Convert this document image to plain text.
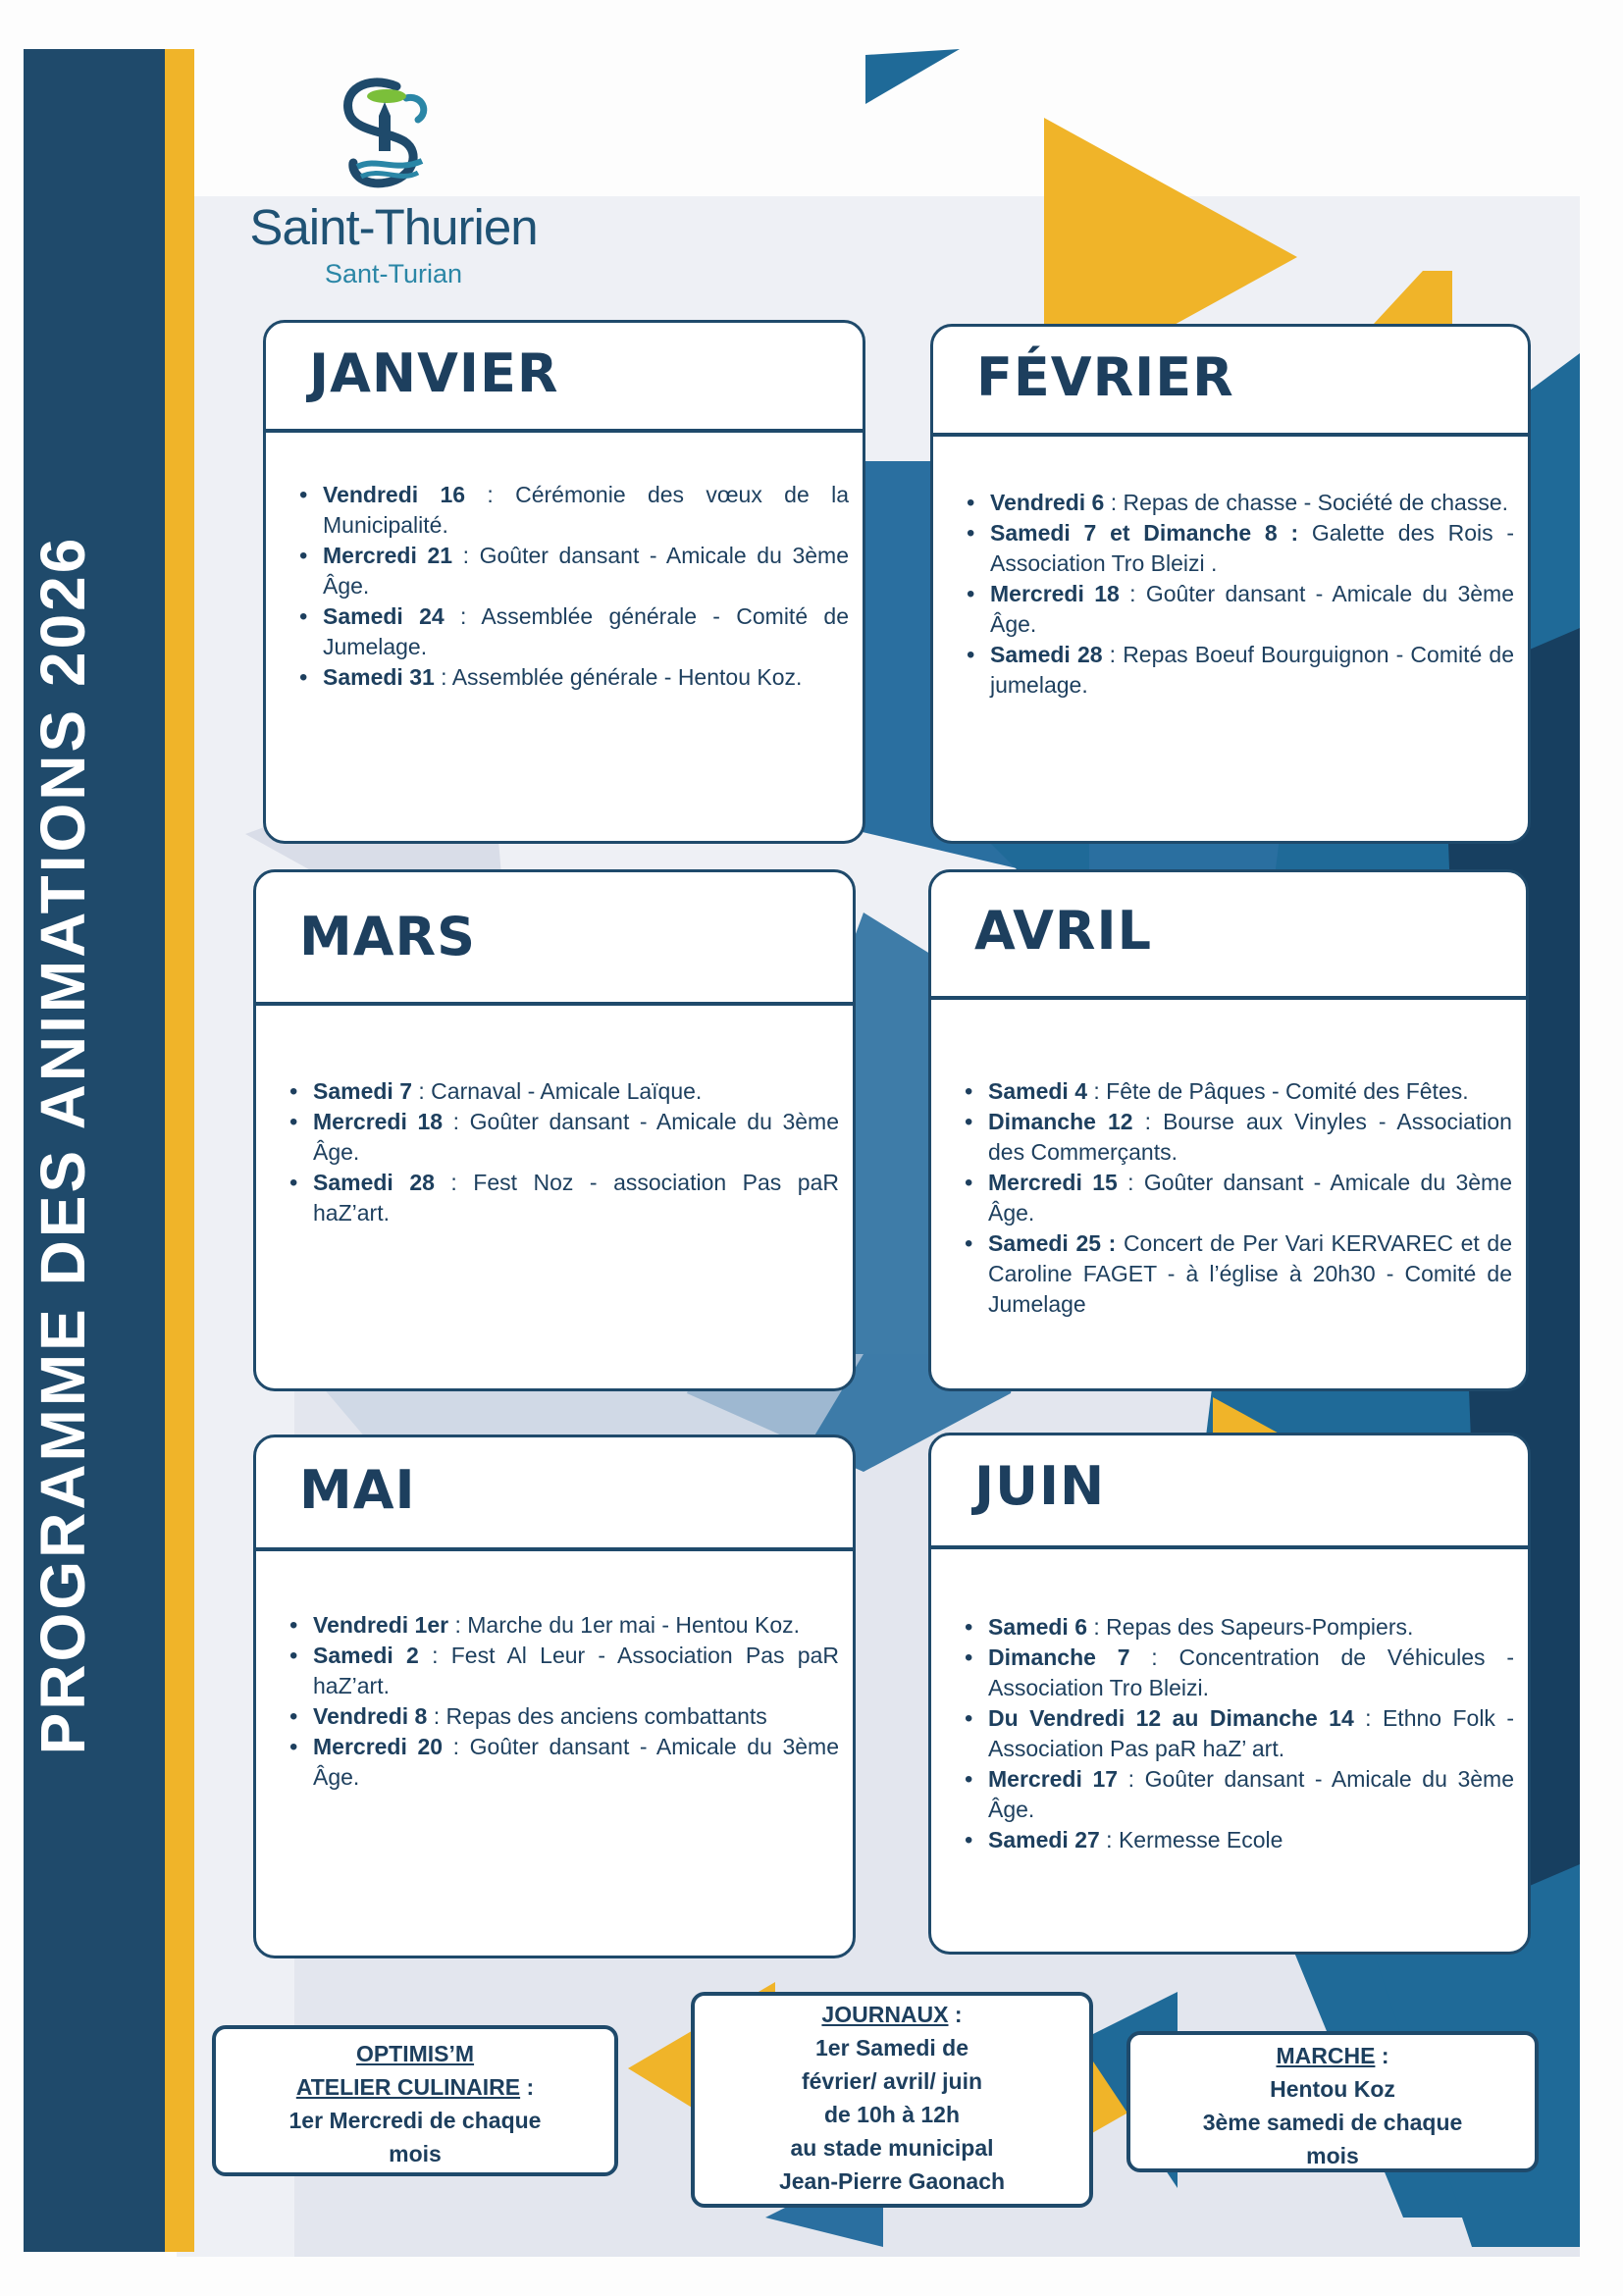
PROGRAMME DES ANIMATIONS 2026
Saint-Thurien
Sant-Turian
JANVIER
• Vendredi 16 : Cérémonie des vœux de la Municipalité.
• Mercredi 21 : Goûter dansant - Amicale du 3ème Âge.
• Samedi 24 : Assemblée générale - Comité de Jumelage.
• Samedi 31 : Assemblée générale - Hentou Koz.
FÉVRIER
• Vendredi 6 : Repas de chasse - Société de chasse.
• Samedi 7 et Dimanche 8 : Galette des Rois - Association Tro Bleizi .
• Mercredi 18 : Goûter dansant - Amicale du 3ème Âge.
• Samedi 28 : Repas Boeuf Bourguignon - Comité de jumelage.
MARS
• Samedi 7 : Carnaval - Amicale Laïque.
• Mercredi 18 : Goûter dansant - Amicale du 3ème Âge.
• Samedi 28 : Fest Noz - association Pas paR haZ’art.
AVRIL
• Samedi 4 : Fête de Pâques - Comité des Fêtes.
• Dimanche 12 : Bourse aux Vinyles - Association des Commerçants.
• Mercredi 15 : Goûter dansant - Amicale du 3ème Âge.
• Samedi 25 : Concert de Per Vari KERVAREC et de Caroline FAGET - à l’église à 20h30 - Comité de Jumelage
MAI
• Vendredi 1er : Marche du 1er mai - Hentou Koz.
• Samedi 2 : Fest Al Leur - Association Pas paR haZ’art.
• Vendredi 8 : Repas des anciens combattants
• Mercredi 20 : Goûter dansant - Amicale du 3ème Âge.
JUIN
• Samedi 6 : Repas des Sapeurs-Pompiers.
• Dimanche 7 : Concentration de Véhicules - Association Tro Bleizi.
• Du Vendredi 12 au Dimanche 14 : Ethno Folk - Association Pas paR haZ’ art.
• Mercredi 17 : Goûter dansant - Amicale du 3ème Âge.
• Samedi 27 : Kermesse Ecole
OPTIMIS’M
ATELIER CULINAIRE :
1er Mercredi de chaque
mois
JOURNAUX :
1er Samedi de
février/ avril/ juin
de 10h à 12h
au stade municipal
Jean-Pierre Gaonach
MARCHE :
Hentou Koz
3ème samedi de chaque
mois
